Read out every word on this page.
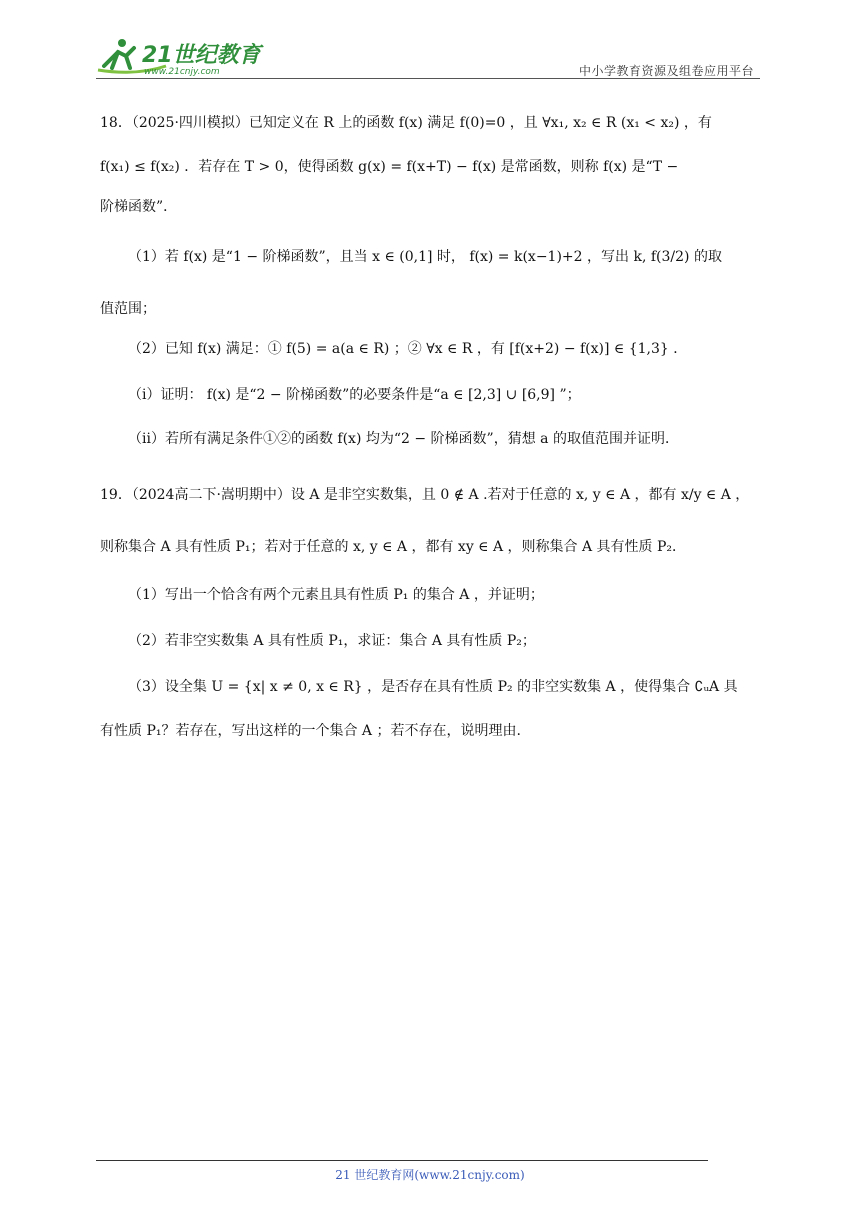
21世纪教育
www.21cnjy.com	中小学教育资源及组卷应用平台
18．（2025·四川模拟）已知定义在 R 上的函数 f(x) 满足 f(0)=0 ，且 ∀x₁, x₂ ∈ R (x₁ < x₂) ，有
f(x₁) ≤ f(x₂) ．若存在 T > 0，使得函数 g(x) = f(x+T) − f(x) 是常函数，则称 f(x) 是“T −
阶梯函数”．
（1）若 f(x) 是“1 − 阶梯函数”，且当 x ∈ (0,1] 时， f(x) = k(x−1)+2 ，写出 k, f(3/2) 的取
值范围；
（2）已知 f(x) 满足：① f(5) = a(a ∈ R) ；② ∀x ∈ R ，有 [f(x+2) − f(x)] ∈ {1,3} ．
（i）证明： f(x) 是“2 − 阶梯函数”的必要条件是“a ∈ [2,3] ∪ [6,9] ”；
（ii）若所有满足条件①②的函数 f(x) 均为“2 − 阶梯函数”，猜想 a 的取值范围并证明．
19．（2024高二下·嵩明期中）设 A 是非空实数集，且 0 ∉ A .若对于任意的 x, y ∈ A ，都有 x/y ∈ A ，
则称集合 A 具有性质 P₁；若对于任意的 x, y ∈ A ，都有 xy ∈ A ，则称集合 A 具有性质 P₂．
（1）写出一个恰含有两个元素且具有性质 P₁ 的集合 A ，并证明；
（2）若非空实数集 A 具有性质 P₁，求证：集合 A 具有性质 P₂；
（3）设全集 U = {x| x ≠ 0, x ∈ R} ，是否存在具有性质 P₂ 的非空实数集 A ，使得集合 ∁ᵤA 具
有性质 P₁？若存在，写出这样的一个集合 A ；若不存在，说明理由.
21 世纪教育网(www.21cnjy.com)
